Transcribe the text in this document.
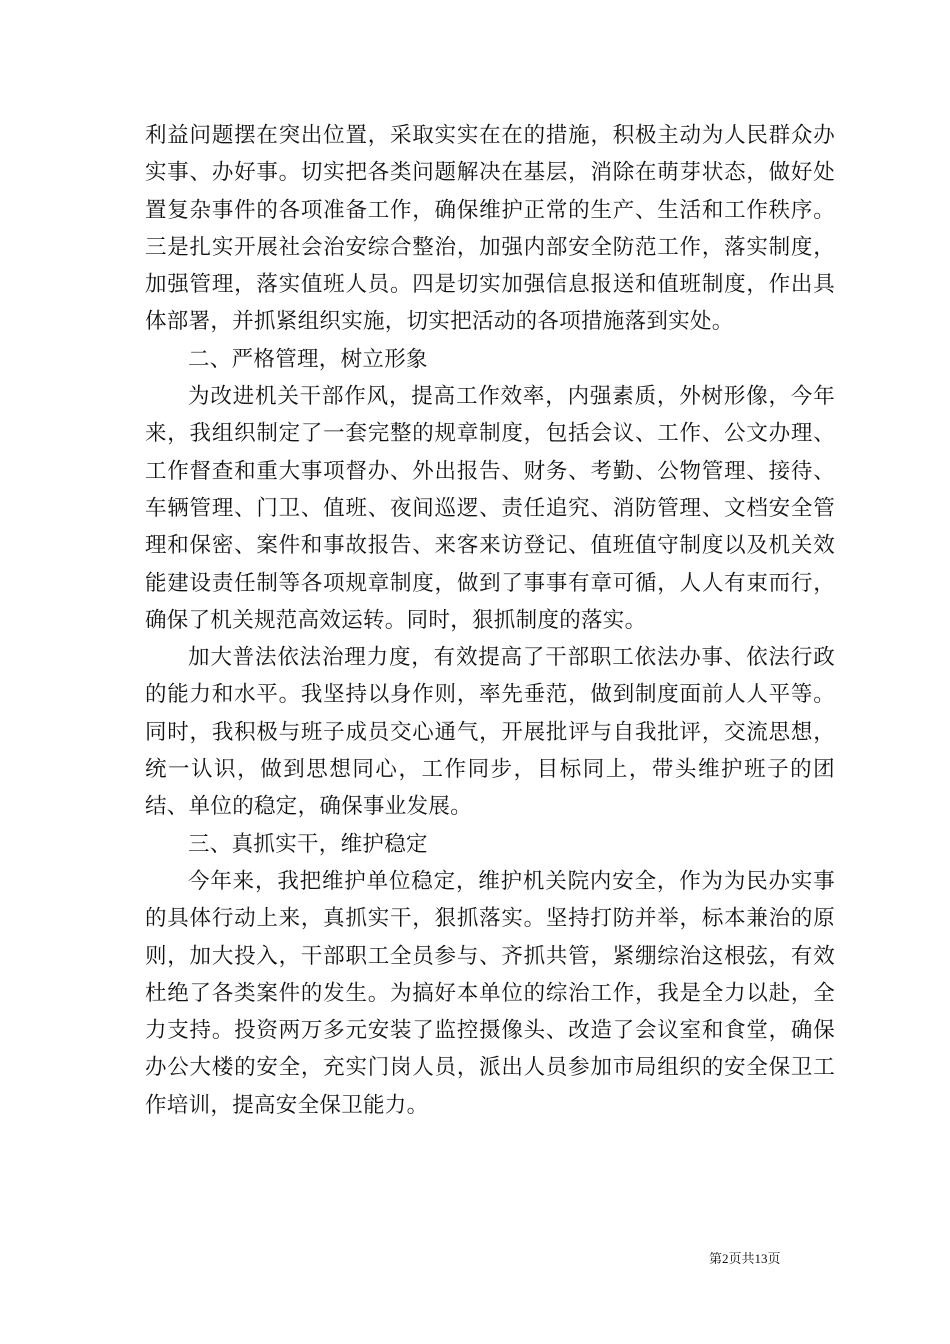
利益问题摆在突出位置，采取实实在在的措施，积极主动为人民群众办实事、办好事。切实把各类问题解决在基层，消除在萌芽状态，做好处置复杂事件的各项准备工作，确保维护正常的生产、生活和工作秩序。三是扎实开展社会治安综合整治，加强内部安全防范工作，落实制度，加强管理，落实值班人员。四是切实加强信息报送和值班制度，作出具体部署，并抓紧组织实施，切实把活动的各项措施落到实处。

二、严格管理，树立形象

为改进机关干部作风，提高工作效率，内强素质，外树形像，今年来，我组织制定了一套完整的规章制度，包括会议、工作、公文办理、工作督查和重大事项督办、外出报告、财务、考勤、公物管理、接待、车辆管理、门卫、值班、夜间巡逻、责任追究、消防管理、文档安全管理和保密、案件和事故报告、来客来访登记、值班值守制度以及机关效能建设责任制等各项规章制度，做到了事事有章可循，人人有束而行，确保了机关规范高效运转。同时，狠抓制度的落实。

加大普法依法治理力度，有效提高了干部职工依法办事、依法行政的能力和水平。我坚持以身作则，率先垂范，做到制度面前人人平等。同时，我积极与班子成员交心通气，开展批评与自我批评，交流思想，统一认识，做到思想同心，工作同步，目标同上，带头维护班子的团结、单位的稳定，确保事业发展。

三、真抓实干，维护稳定

今年来，我把维护单位稳定，维护机关院内安全，作为为民办实事的具体行动上来，真抓实干，狠抓落实。坚持打防并举，标本兼治的原则，加大投入，干部职工全员参与、齐抓共管，紧绷综治这根弦，有效杜绝了各类案件的发生。为搞好本单位的综治工作，我是全力以赴，全力支持。投资两万多元安装了监控摄像头、改造了会议室和食堂，确保办公大楼的安全，充实门岗人员，派出人员参加市局组织的安全保卫工作培训，提高安全保卫能力。

第2页共13页
